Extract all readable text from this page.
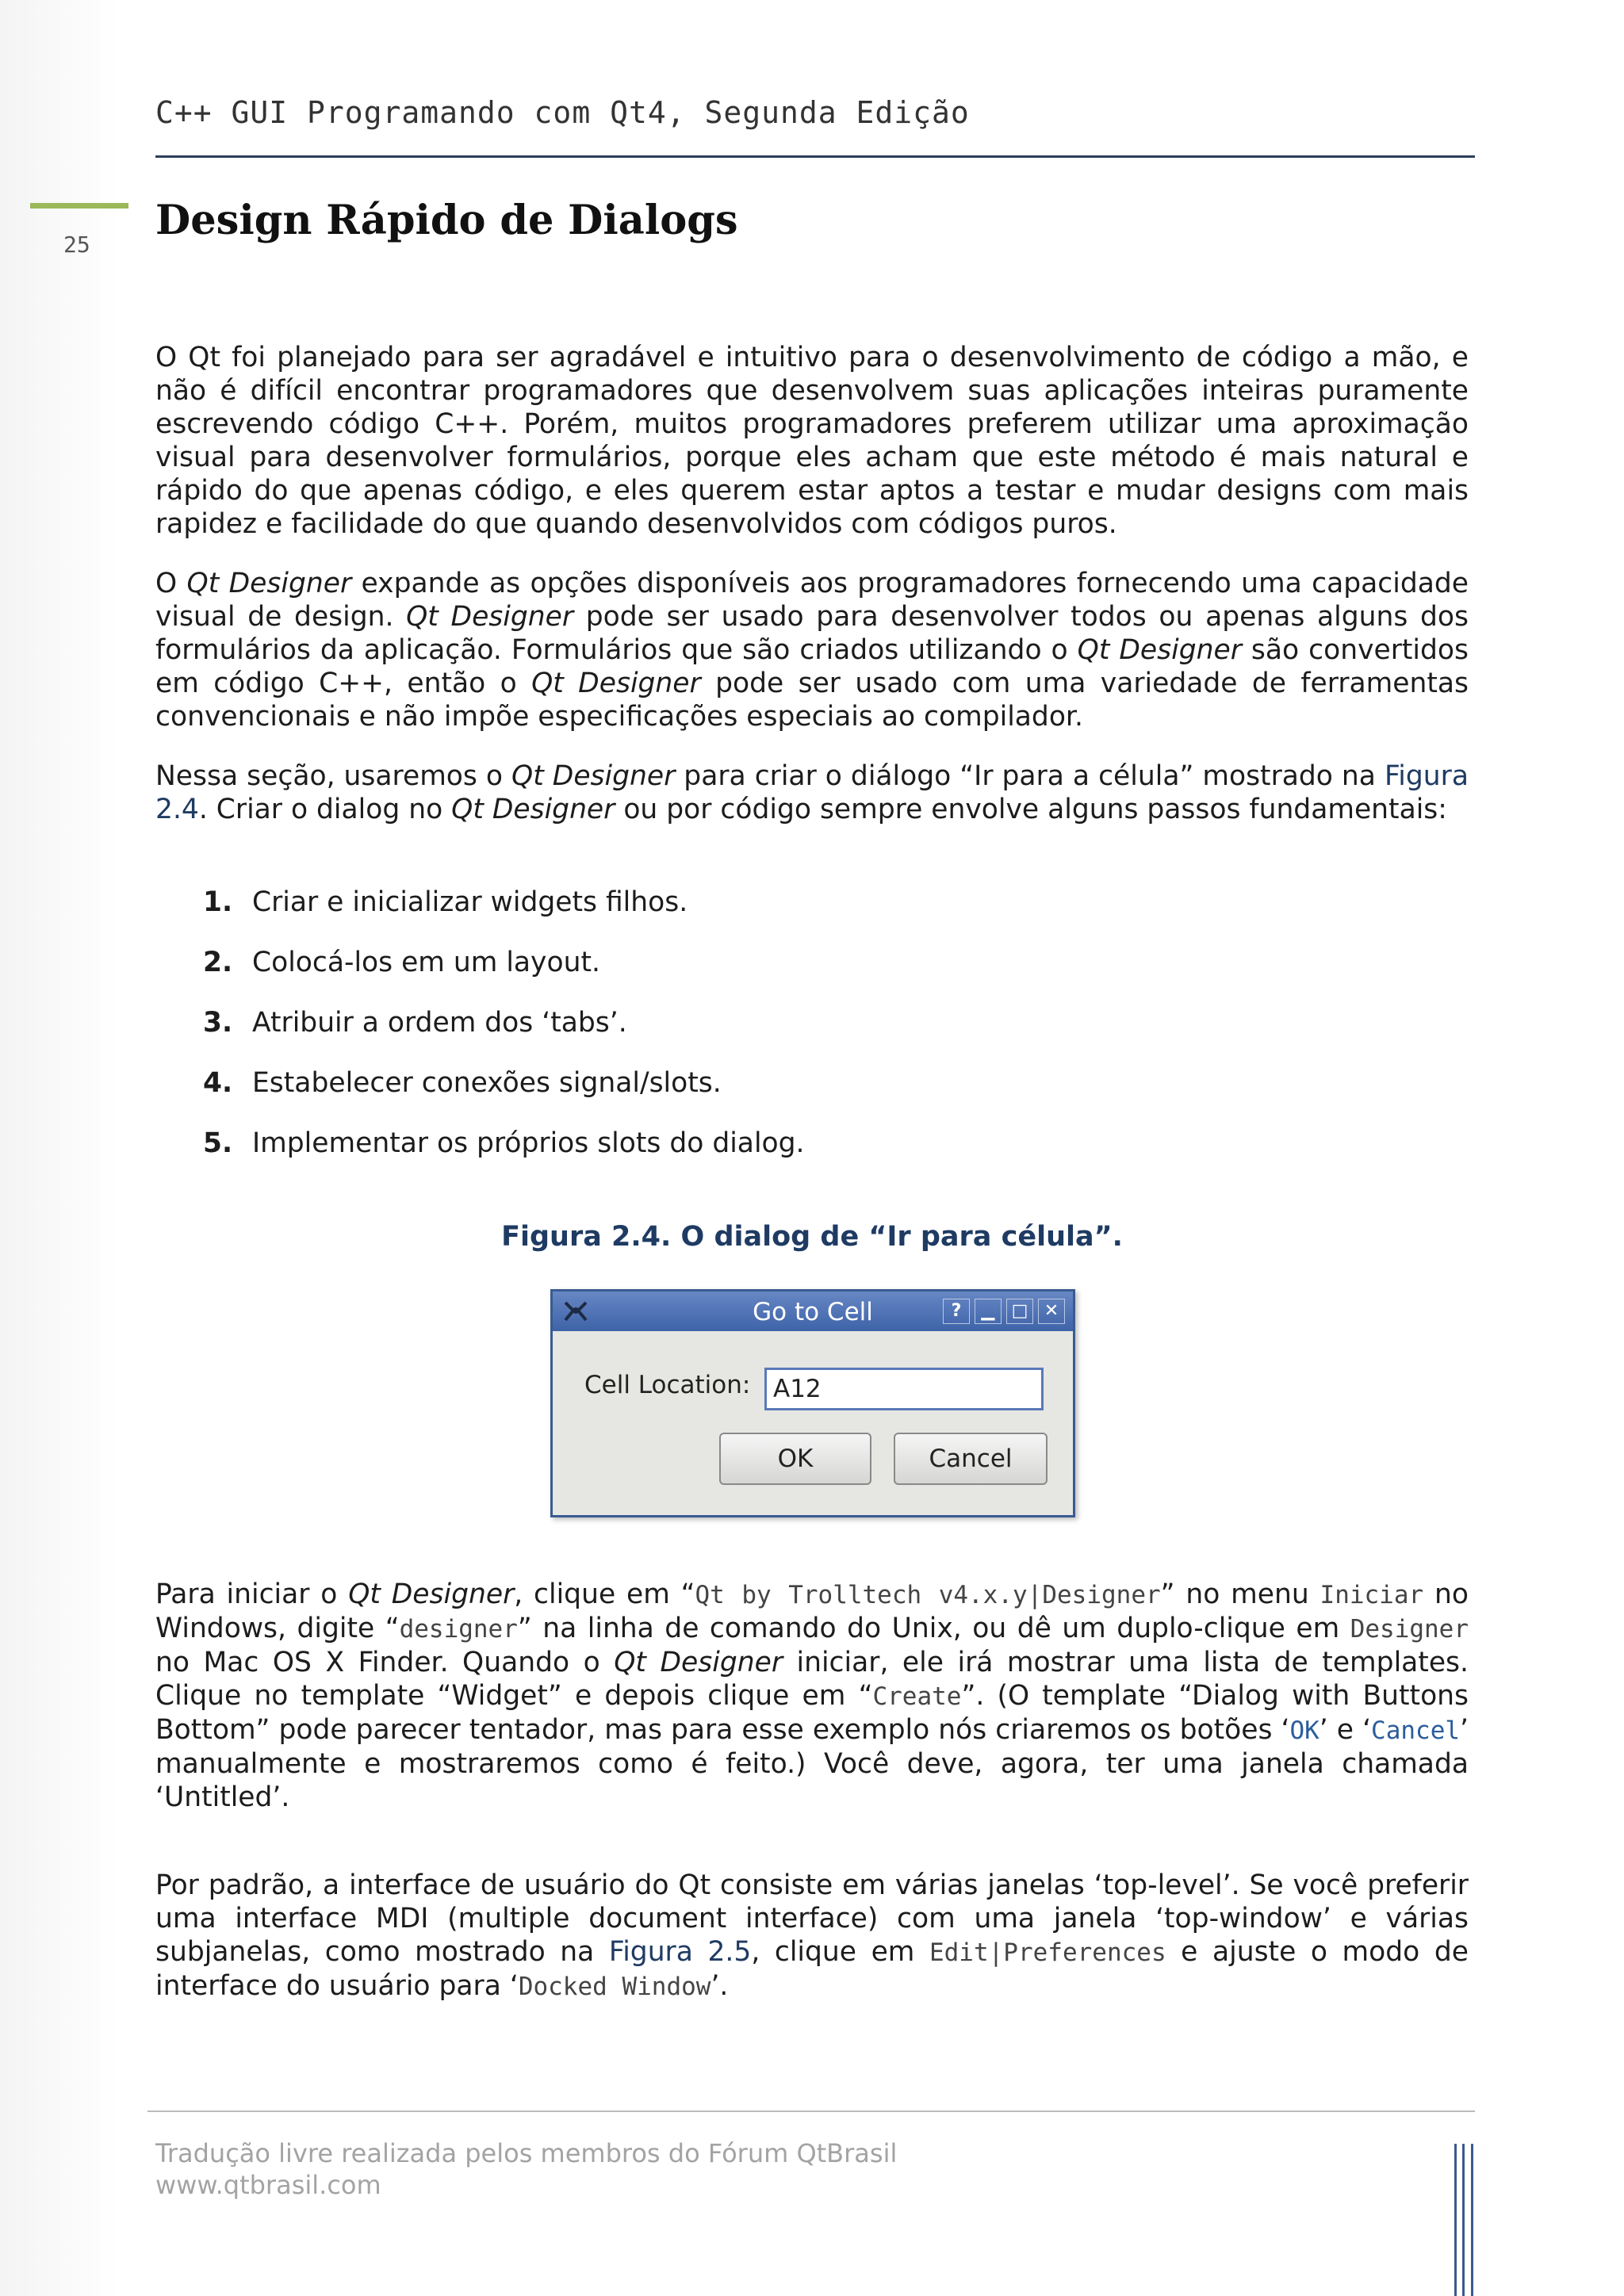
C++ GUI Programando com Qt4, Segunda Edição
25
Design Rápido de Dialogs

O Qt foi planejado para ser agradável e intuitivo para o desenvolvimento de código a mão, e não é difícil encontrar programadores que desenvolvem suas aplicações inteiras puramente escrevendo código C++. Porém, muitos programadores preferem utilizar uma aproximação visual para desenvolver formulários, porque eles acham que este método é mais natural e rápido do que apenas código, e eles querem estar aptos a testar e mudar designs com mais rapidez e facilidade do que quando desenvolvidos com códigos puros.

O Qt Designer expande as opções disponíveis aos programadores fornecendo uma capacidade visual de design. Qt Designer pode ser usado para desenvolver todos ou apenas alguns dos formulários da aplicação. Formulários que são criados utilizando o Qt Designer são convertidos em código C++, então o Qt Designer pode ser usado com uma variedade de ferramentas convencionais e não impõe especificações especiais ao compilador.

Nessa seção, usaremos o Qt Designer para criar o diálogo “Ir para a célula” mostrado na Figura 2.4. Criar o dialog no Qt Designer ou por código sempre envolve alguns passos fundamentais:

1. Criar e inicializar widgets filhos.
2. Colocá-los em um layout.
3. Atribuir a ordem dos ‘tabs’.
4. Estabelecer conexões signal/slots.
5. Implementar os próprios slots do dialog.
Figura 2.4. O dialog de “Ir para célula”.
Go to Cell	?	▁ □ ✕
Cell Location: A12
OK	Cancel

Para iniciar o Qt Designer, clique em “Qt by Trolltech v4.x.y|Designer” no menu Iniciar no Windows, digite “designer” na linha de comando do Unix, ou dê um duplo-clique em Designer no Mac OS X Finder. Quando o Qt Designer iniciar, ele irá mostrar uma lista de templates. Clique no template “Widget” e depois clique em “Create”. (O template “Dialog with Buttons Bottom” pode parecer tentador, mas para esse exemplo nós criaremos os botões ‘OK’ e ‘Cancel’ manualmente e mostraremos como é feito.) Você deve, agora, ter uma janela chamada ‘Untitled’.

Por padrão, a interface de usuário do Qt consiste em várias janelas ‘top-level’. Se você preferir uma interface MDI (multiple document interface) com uma janela ‘top-window’ e várias subjanelas, como mostrado na Figura 2.5, clique em Edit|Preferences e ajuste o modo de interface do usuário para ‘Docked Window’.

Tradução livre realizada pelos membros do Fórum QtBrasil
www.qtbrasil.com
